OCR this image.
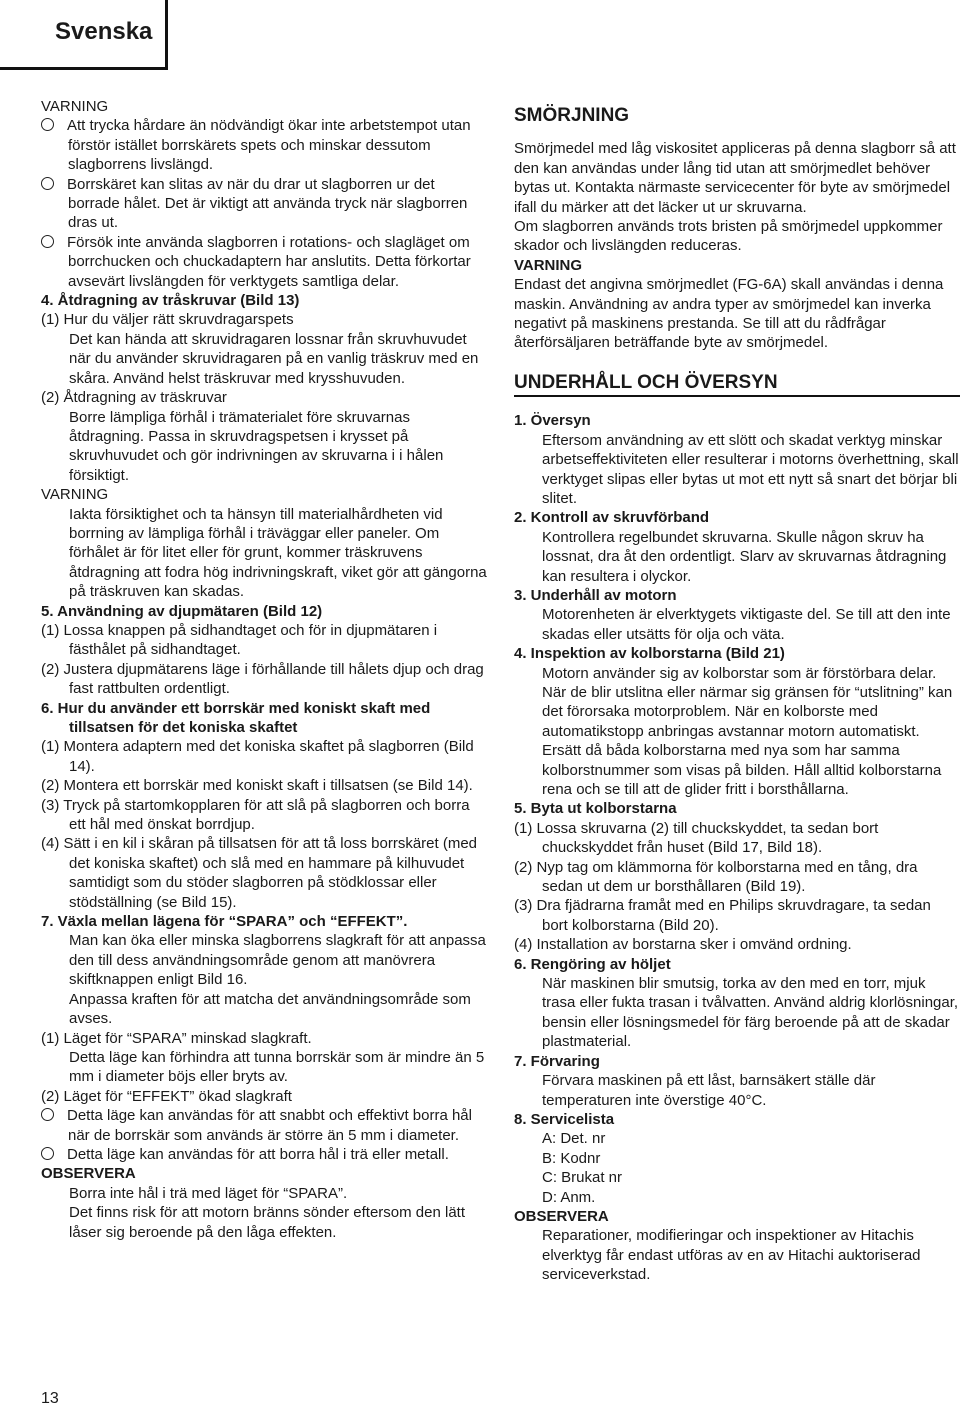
Svenska

VARNING

Att trycka hårdare än nödvändigt ökar inte arbetstempot utan förstör istället borrskärets spets och minskar dessutom slagborrens livslängd.

Borrskäret kan slitas av när du drar ut slagborren ur det borrade hålet. Det är viktigt att använda tryck när slagborren dras ut.

Försök inte använda slagborren i rotations- och slagläget om borrchucken och chuckadaptern har anslutits. Detta förkortar avsevärt livslängden för verktygets samtliga delar.

4. Åtdragning av tråskruvar (Bild 13)

(1) Hur du väljer rätt skruvdragarspets

Det kan hända att skruvidragaren lossnar från skruvhuvudet när du använder skruvidragaren på en vanlig träskruv med en skåra. Använd helst träskruvar med krysshuvuden.

(2) Åtdragning av träskruvar

Borre lämpliga förhål i trämaterialet före skruvarnas åtdragning. Passa in skruvdragspetsen i krysset på skruvhuvudet och gör indrivningen av skruvarna i i hålen försiktigt.

VARNING

Iakta försiktighet och ta hänsyn till materialhårdheten vid borrning av lämpliga förhål i träväggar eller paneler. Om förhålet är för litet eller för grunt, kommer träskruvens åtdragning att fodra hög indrivningskraft, viket gör att gängorna på träskruven kan skadas.

5. Användning av djupmätaren (Bild 12)

(1) Lossa knappen på sidhandtaget och för in djupmätaren i fästhålet på sidhandtaget.

(2) Justera djupmätarens läge i förhållande till hålets djup och drag fast rattbulten ordentligt.

6. Hur du använder ett borrskär med koniskt skaft med tillsatsen för det koniska skaftet

(1) Montera adaptern med det koniska skaftet på slagborren (Bild 14).

(2) Montera ett borrskär med koniskt skaft i tillsatsen (se Bild 14).

(3) Tryck på startomkopplaren för att slå på slagborren och borra ett hål med önskat borrdjup.

(4) Sätt i en kil i skåran på tillsatsen för att tå loss borrskäret (med det koniska skaftet) och slå med en hammare på kilhuvudet samtidigt som du stöder slagborren på stödklossar eller stödställning (se Bild 15).

7. Växla mellan lägena för “SPARA” och “EFFEKT”.

Man kan öka eller minska slagborrens slagkraft för att anpassa den till dess användningsområde genom att manövrera skiftknappen enligt Bild 16.

Anpassa kraften för att matcha det användningsområde som avses.

(1) Läget för “SPARA” minskad slagkraft.

Detta läge kan förhindra att tunna borrskär som är mindre än 5 mm i diameter böjs eller bryts av.

(2) Läget för “EFFEKT” ökad slagkraft

Detta läge kan användas för att snabbt och effektivt borra hål när de borrskär som används är större än 5 mm i diameter.

Detta läge kan användas för att borra hål i trä eller metall.

OBSERVERA

Borra inte hål i trä med läget för “SPARA”.

Det finns risk för att motorn bränns sönder eftersom den lätt låser sig beroende på den låga effekten.

SMÖRJNING

Smörjmedel med låg viskositet appliceras på denna slagborr så att den kan användas under lång tid utan att smörjmedlet behöver bytas ut. Kontakta närmaste servicecenter för byte av smörjmedel ifall du märker att det läcker ut ur skruvarna.

Om slagborren används trots bristen på smörjmedel uppkommer skador och livslängden reduceras.

VARNING

Endast det angivna smörjmedlet (FG-6A) skall användas i denna maskin. Användning av andra typer av smörjmedel kan inverka negativt på maskinens prestanda. Se till att du rådfrågar återförsäljaren beträffande byte av smörjmedel.

UNDERHÅLL OCH ÖVERSYN

1. Översyn

Eftersom användning av ett slött och skadat verktyg minskar arbetseffektiviteten eller resulterar i motorns överhettning, skall verktyget slipas eller bytas ut mot ett nytt så snart det börjar bli slitet.

2. Kontroll av skruvförband

Kontrollera regelbundet skruvarna. Skulle någon skruv ha lossnat, dra åt den ordentligt. Slarv av skruvarnas åtdragning kan resultera i olyckor.

3. Underhåll av motorn

Motorenheten är elverktygets viktigaste del. Se till att den inte skadas eller utsätts för olja och väta.

4. Inspektion av kolborstarna (Bild 21)

Motorn använder sig av kolborstar som är förstörbara delar. När de blir utslitna eller närmar sig gränsen för “utslitning” kan det förorsaka motorproblem. När en kolborste med automatikstopp anbringas avstannar motorn automatiskt. Ersätt då båda kolborstarna med nya som har samma kolborstnummer som visas på bilden. Håll alltid kolborstarna rena och se till att de glider fritt i borsthållarna.

5. Byta ut kolborstarna

(1) Lossa skruvarna (2) till chuckskyddet, ta sedan bort chuckskyddet från huset (Bild 17, Bild 18).

(2) Nyp tag om klämmorna för kolborstarna med en tång, dra sedan ut dem ur borsthållaren (Bild 19).

(3) Dra fjädrarna framåt med en Philips skruvdragare, ta sedan bort kolborstarna (Bild 20).

(4) Installation av borstarna sker i omvänd ordning.

6. Rengöring av höljet

När maskinen blir smutsig, torka av den med en torr, mjuk trasa eller fukta trasan i tvålvatten. Använd aldrig klorlösningar, bensin eller lösningsmedel för färg beroende på att de skadar plastmaterial.

7. Förvaring

Förvara maskinen på ett låst, barnsäkert ställe där temperaturen inte överstige 40°C.

8. Servicelista

A: Det. nr

B: Kodnr

C: Brukat nr

D: Anm.

OBSERVERA

Reparationer, modifieringar och inspektioner av Hitachis elverktyg får endast utföras av en av Hitachi auktoriserad serviceverkstad.

13
